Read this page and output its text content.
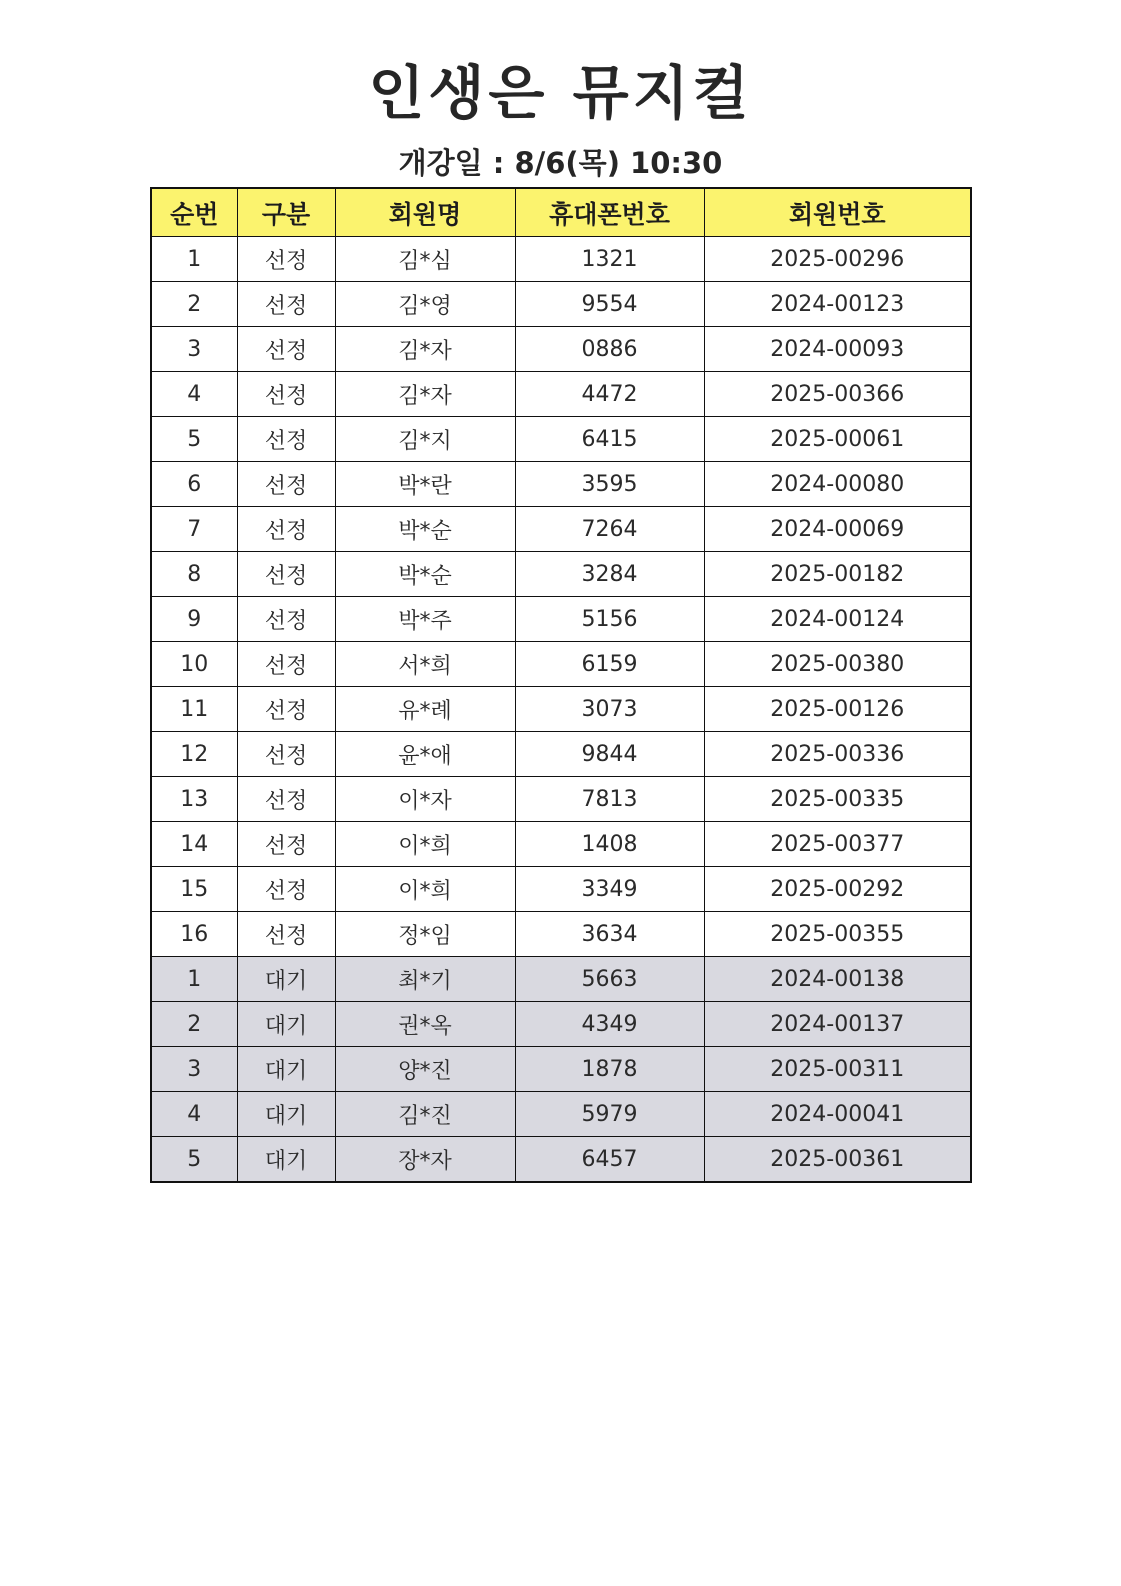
인생은 뮤지컬
개강일 : 8/6(목) 10:30
순번	구분	회원명	휴대폰번호	회원번호
1	선정	김*심	1321	2025-00296
2	선정	김*영	9554	2024-00123
3	선정	김*자	0886	2024-00093
4	선정	김*자	4472	2025-00366
5	선정	김*지	6415	2025-00061
6	선정	박*란	3595	2024-00080
7	선정	박*순	7264	2024-00069
8	선정	박*순	3284	2025-00182
9	선정	박*주	5156	2024-00124
10	선정	서*희	6159	2025-00380
11	선정	유*례	3073	2025-00126
12	선정	윤*애	9844	2025-00336
13	선정	이*자	7813	2025-00335
14	선정	이*희	1408	2025-00377
15	선정	이*희	3349	2025-00292
16	선정	정*임	3634	2025-00355
1	대기	최*기	5663	2024-00138
2	대기	권*옥	4349	2024-00137
3	대기	양*진	1878	2025-00311
4	대기	김*진	5979	2024-00041
5	대기	장*자	6457	2025-00361
